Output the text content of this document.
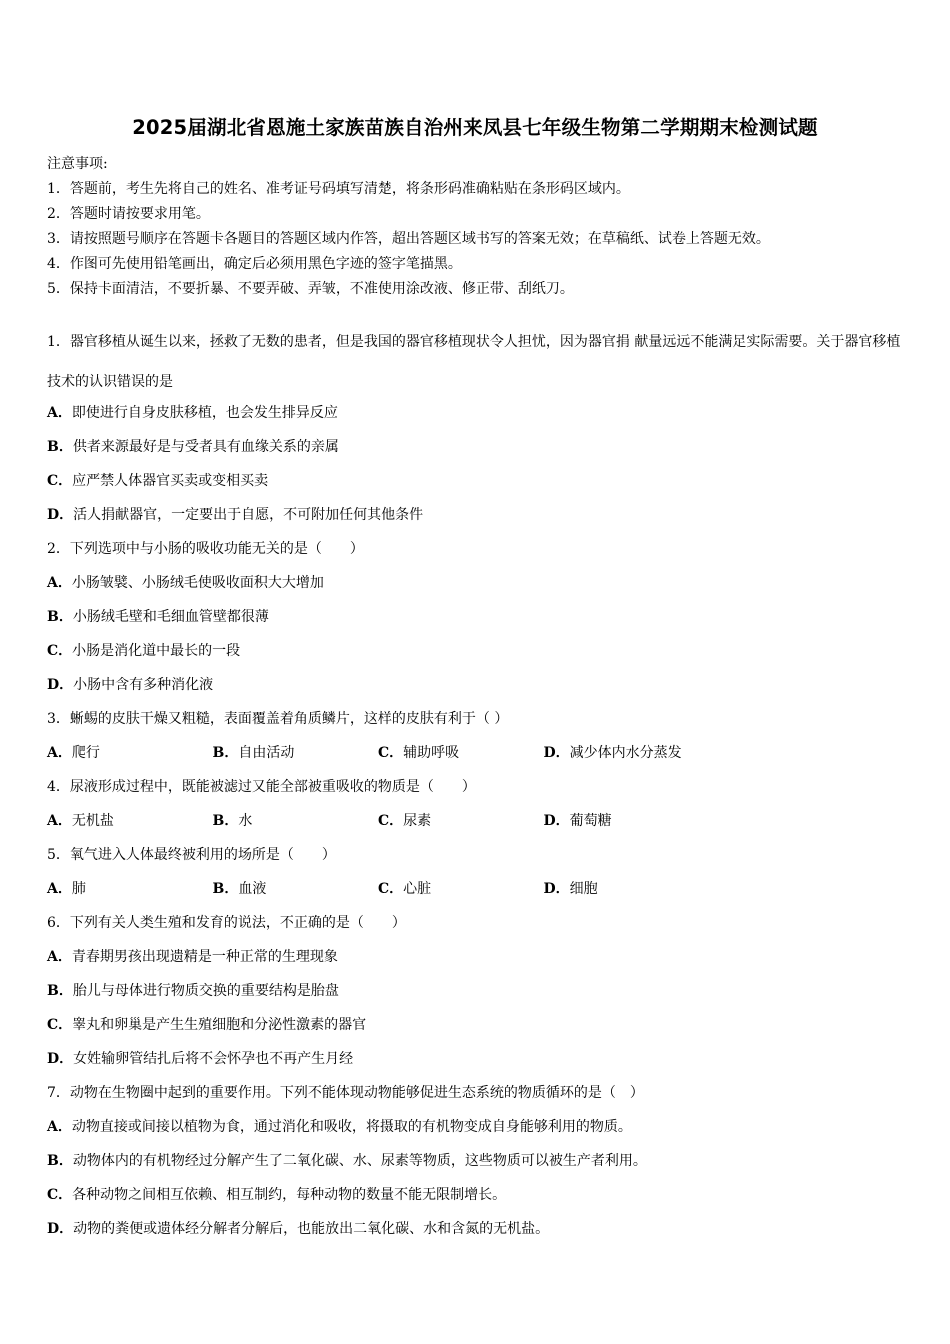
2025届湖北省恩施土家族苗族自治州来凤县七年级生物第二学期期末检测试题
注意事项:
1．答题前，考生先将自己的姓名、准考证号码填写清楚，将条形码准确粘贴在条形码区域内。
2．答题时请按要求用笔。
3．请按照题号顺序在答题卡各题目的答题区域内作答，超出答题区域书写的答案无效；在草稿纸、试卷上答题无效。
4．作图可先使用铅笔画出，确定后必须用黑色字迹的签字笔描黑。
5．保持卡面清洁，不要折暴、不要弄破、弄皱，不准使用涂改液、修正带、刮纸刀。
1．器官移植从诞生以来，拯救了无数的患者，但是我国的器官移植现状令人担忧，因为器官捐 献量远远不能满足实际需要。关于器官移植技术的认识错误的是
A．即使进行自身皮肤移植，也会发生排异反应
B．供者来源最好是与受者具有血缘关系的亲属
C．应严禁人体器官买卖或变相买卖
D．活人捐献器官，一定要出于自愿，不可附加任何其他条件
2．下列选项中与小肠的吸收功能无关的是（　　）
A．小肠皱襞、小肠绒毛使吸收面积大大增加
B．小肠绒毛壁和毛细血管壁都很薄
C．小肠是消化道中最长的一段
D．小肠中含有多种消化液
3．蜥蜴的皮肤干燥又粗糙，表面覆盖着角质鳞片，这样的皮肤有利于（ ）
A．爬行	B．自由活动	C．辅助呼吸	D．减少体内水分蒸发
4．尿液形成过程中，既能被滤过又能全部被重吸收的物质是（　　）
A．无机盐	B．水	C．尿素	D．葡萄糖
5．氧气进入人体最终被利用的场所是（　　）
A．肺	B．血液	C．心脏	D．细胞
6．下列有关人类生殖和发育的说法，不正确的是（　　）
A．青春期男孩出现遗精是一种正常的生理现象
B．胎儿与母体进行物质交换的重要结构是胎盘
C．睾丸和卵巢是产生生殖细胞和分泌性激素的器官
D．女姓输卵管结扎后将不会怀孕也不再产生月经
7．动物在生物圈中起到的重要作用。下列不能体现动物能够促进生态系统的物质循环的是（　）
A．动物直接或间接以植物为食，通过消化和吸收，将摄取的有机物变成自身能够利用的物质。
B．动物体内的有机物经过分解产生了二氧化碳、水、尿素等物质，这些物质可以被生产者利用。
C．各种动物之间相互依赖、相互制约，每种动物的数量不能无限制增长。
D．动物的粪便或遗体经分解者分解后，也能放出二氧化碳、水和含氮的无机盐。
